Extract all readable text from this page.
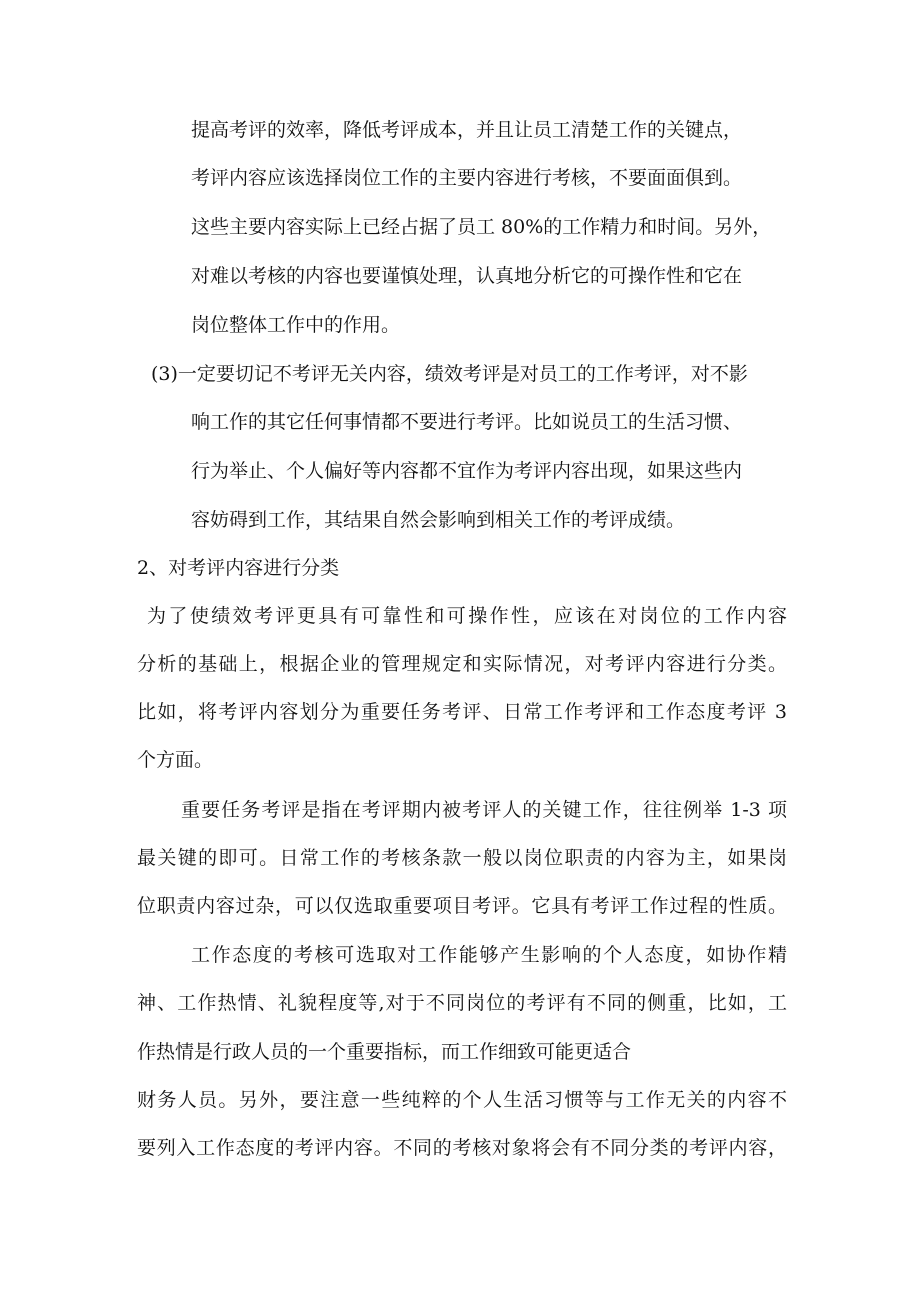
提高考评的效率，降低考评成本，并且让员工清楚工作的关键点，
考评内容应该选择岗位工作的主要内容进行考核，不要面面俱到。
这些主要内容实际上已经占据了员工 80%的工作精力和时间。另外，
对难以考核的内容也要谨慎处理，认真地分析它的可操作性和它在
岗位整体工作中的作用。
(3)一定要切记不考评无关内容，绩效考评是对员工的工作考评，对不影
响工作的其它任何事情都不要进行考评。比如说员工的生活习惯、
行为举止、个人偏好等内容都不宜作为考评内容出现，如果这些内
容妨碍到工作，其结果自然会影响到相关工作的考评成绩。
2、对考评内容进行分类
为了使绩效考评更具有可靠性和可操作性，应该在对岗位的工作内容
分析的基础上，根据企业的管理规定和实际情况，对考评内容进行分类。
比如，将考评内容划分为重要任务考评、日常工作考评和工作态度考评 3
个方面。
重要任务考评是指在考评期内被考评人的关键工作，往往例举 1-3 项
最关键的即可。日常工作的考核条款一般以岗位职责的内容为主，如果岗
位职责内容过杂，可以仅选取重要项目考评。它具有考评工作过程的性质。
工作态度的考核可选取对工作能够产生影响的个人态度，如协作精
神、工作热情、礼貌程度等,对于不同岗位的考评有不同的侧重，比如，工
作热情是行政人员的一个重要指标，而工作细致可能更适合
财务人员。另外，要注意一些纯粹的个人生活习惯等与工作无关的内容不
要列入工作态度的考评内容。不同的考核对象将会有不同分类的考评内容，
